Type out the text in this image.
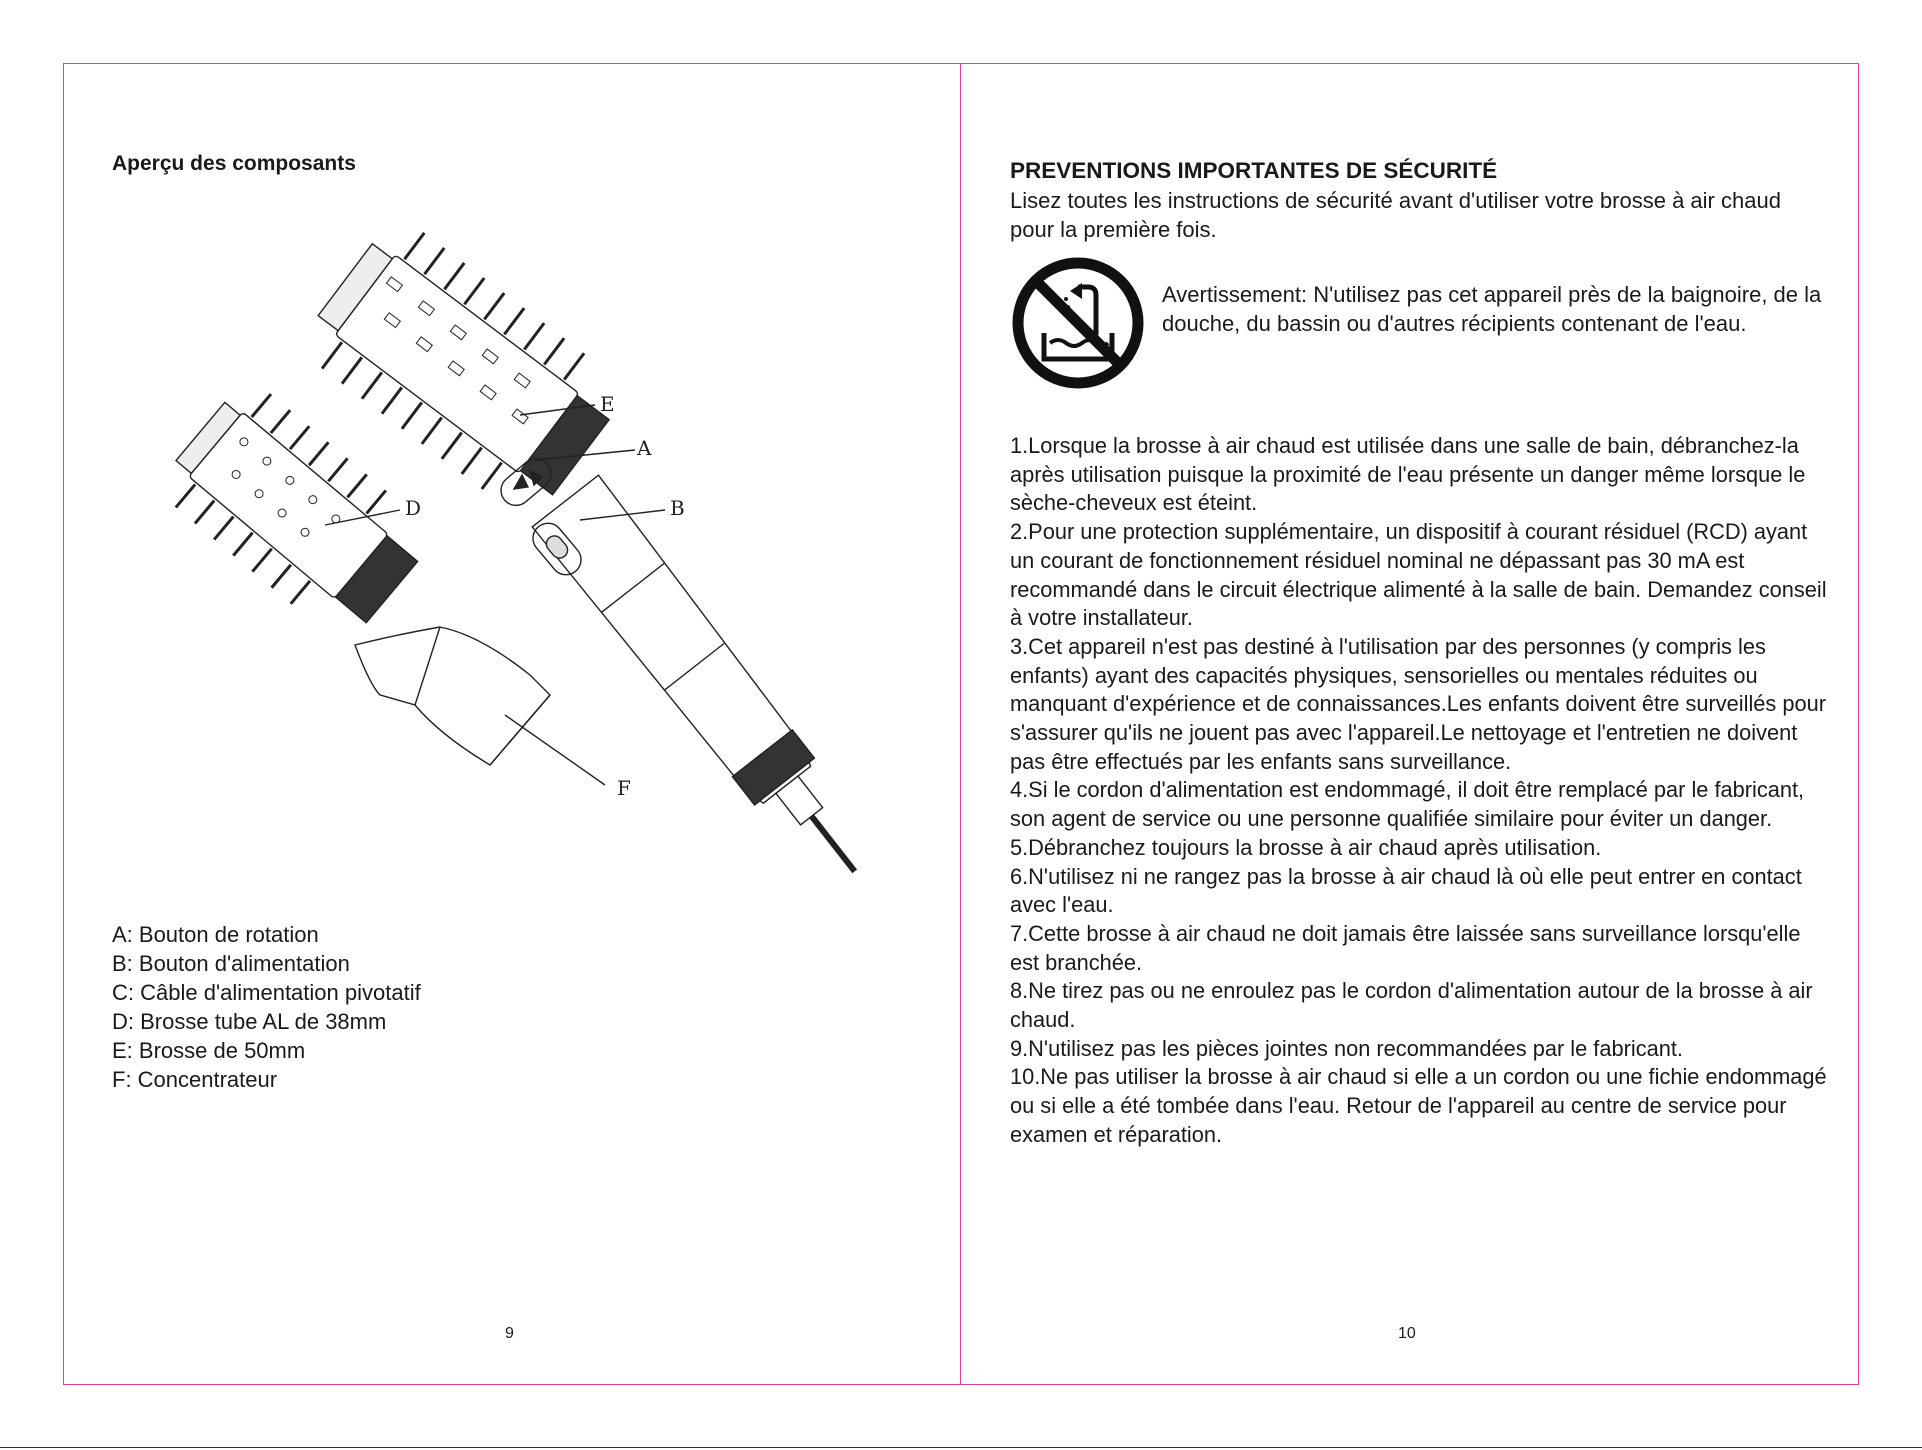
Aperçu des composants
E
A
B
D
F
A: Bouton de rotation
B: Bouton d'alimentation
C: Câble d'alimentation pivotatif
D: Brosse tube AL de 38mm
E: Brosse de 50mm
F: Concentrateur
9
PREVENTIONS IMPORTANTES DE SÉCURITÉ

Lisez toutes les instructions de sécurité avant d'utiliser votre brosse à air chaud pour la première fois.

Avertissement: N'utilisez pas cet appareil près de la baignoire, de la douche, du bassin ou d'autres récipients contenant de l'eau.

1.Lorsque la brosse à air chaud est utilisée dans une salle de bain, débranchez-la après utilisation puisque la proximité de l'eau présente un danger même lorsque le sèche-cheveux est éteint.
2.Pour une protection supplémentaire, un dispositif à courant résiduel (RCD) ayant un courant de fonctionnement résiduel nominal ne dépassant pas 30 mA est recommandé dans le circuit électrique alimenté à la salle de bain. Demandez conseil à votre installateur.
3.Cet appareil n'est pas destiné à l'utilisation par des personnes (y compris les enfants) ayant des capacités physiques, sensorielles ou mentales réduites ou manquant d'expérience et de connaissances.Les enfants doivent être surveillés pour s'assurer qu'ils ne jouent pas avec l'appareil.Le nettoyage et l'entretien ne doivent pas être effectués par les enfants sans surveillance.
4.Si le cordon d'alimentation est endommagé, il doit être remplacé par le fabricant, son agent de service ou une personne qualifiée similaire pour éviter un danger.
5.Débranchez toujours la brosse à air chaud après utilisation.
6.N'utilisez ni ne rangez pas la brosse à air chaud là où elle peut entrer en contact avec l'eau.
7.Cette brosse à air chaud ne doit jamais être laissée sans surveillance lorsqu'elle est branchée.
8.Ne tirez pas ou ne enroulez pas le cordon d'alimentation autour de la brosse à air chaud.
9.N'utilisez pas les pièces jointes non recommandées par le fabricant.
10.Ne pas utiliser la brosse à air chaud si elle a un cordon ou une fichie endommagé ou si elle a été tombée dans l'eau. Retour de l'appareil au centre de service pour examen et réparation.
10
